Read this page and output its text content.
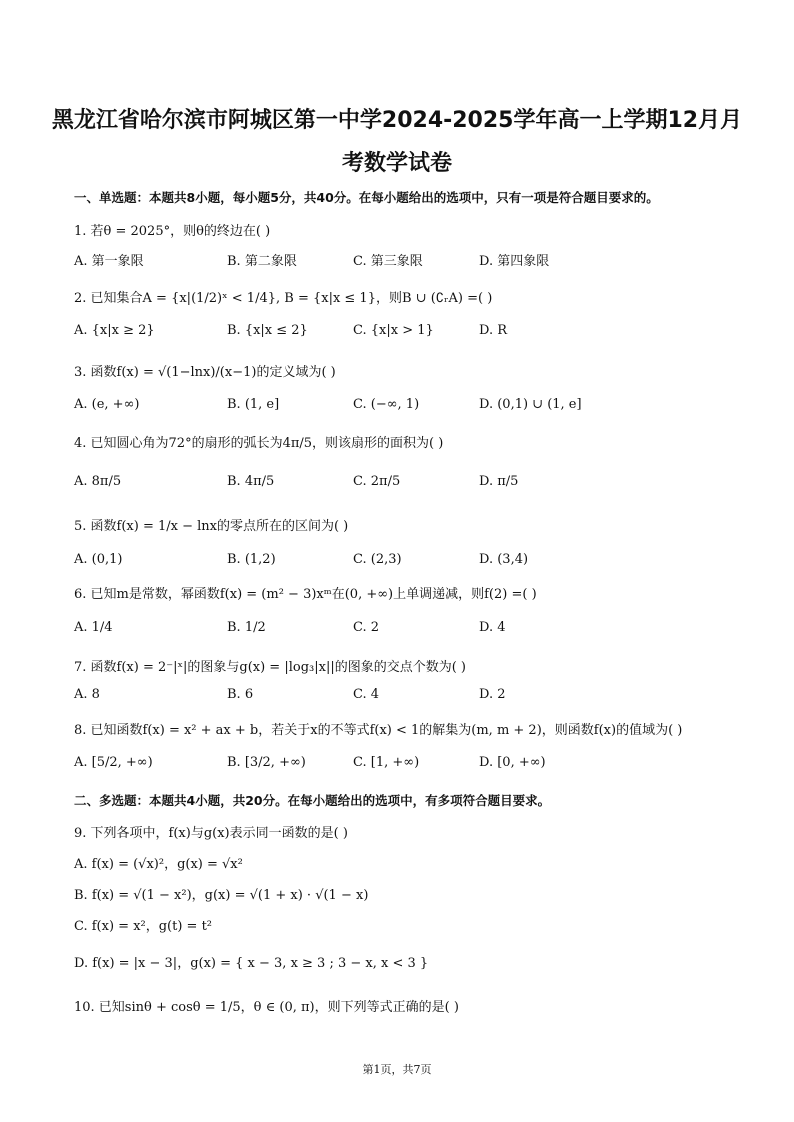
黑龙江省哈尔滨市阿城区第一中学2024-2025学年高一上学期12月月
考数学试卷
一、单选题：本题共8小题，每小题5分，共40分。在每小题给出的选项中，只有一项是符合题目要求的。
1. 若θ = 2025°，则θ的终边在( )
A. 第一象限	B. 第二象限	C. 第三象限	D. 第四象限
2. 已知集合A = {x|(1/2)ˣ < 1/4}, B = {x|x ≤ 1}，则B ∪ (∁ᵣA) =( )
A. {x|x ≥ 2}	B. {x|x ≤ 2}	C. {x|x > 1}	D. R
3. 函数f(x) = √(1−lnx)/(x−1)的定义域为( )
A. (e, +∞)	B. (1, e]	C. (−∞, 1)	D. (0,1) ∪ (1, e]
4. 已知圆心角为72°的扇形的弧长为4π/5，则该扇形的面积为( )
A. 8π/5	B. 4π/5	C. 2π/5	D. π/5
5. 函数f(x) = 1/x − lnx的零点所在的区间为( )
A. (0,1)	B. (1,2)	C. (2,3)	D. (3,4)
6. 已知m是常数，幂函数f(x) = (m² − 3)xᵐ在(0, +∞)上单调递减，则f(2) =( )
A. 1/4	B. 1/2	C. 2	D. 4
7. 函数f(x) = 2⁻|ˣ|的图象与g(x) = |log₃|x||的图象的交点个数为( )
A. 8	B. 6	C. 4	D. 2
8. 已知函数f(x) = x² + ax + b，若关于x的不等式f(x) < 1的解集为(m, m + 2)，则函数f(x)的值域为( )
A. [5/2, +∞)	B. [3/2, +∞)	C. [1, +∞)	D. [0, +∞)
二、多选题：本题共4小题，共20分。在每小题给出的选项中，有多项符合题目要求。
9. 下列各项中，f(x)与g(x)表示同一函数的是( )
A. f(x) = (√x)²，g(x) = √x²
B. f(x) = √(1 − x²)，g(x) = √(1 + x) · √(1 − x)
C. f(x) = x²，g(t) = t²
D. f(x) = |x − 3|，g(x) = { x − 3, x ≥ 3 ; 3 − x, x < 3 }
10. 已知sinθ + cosθ = 1/5，θ ∈ (0, π)，则下列等式正确的是( )
第1页，共7页
